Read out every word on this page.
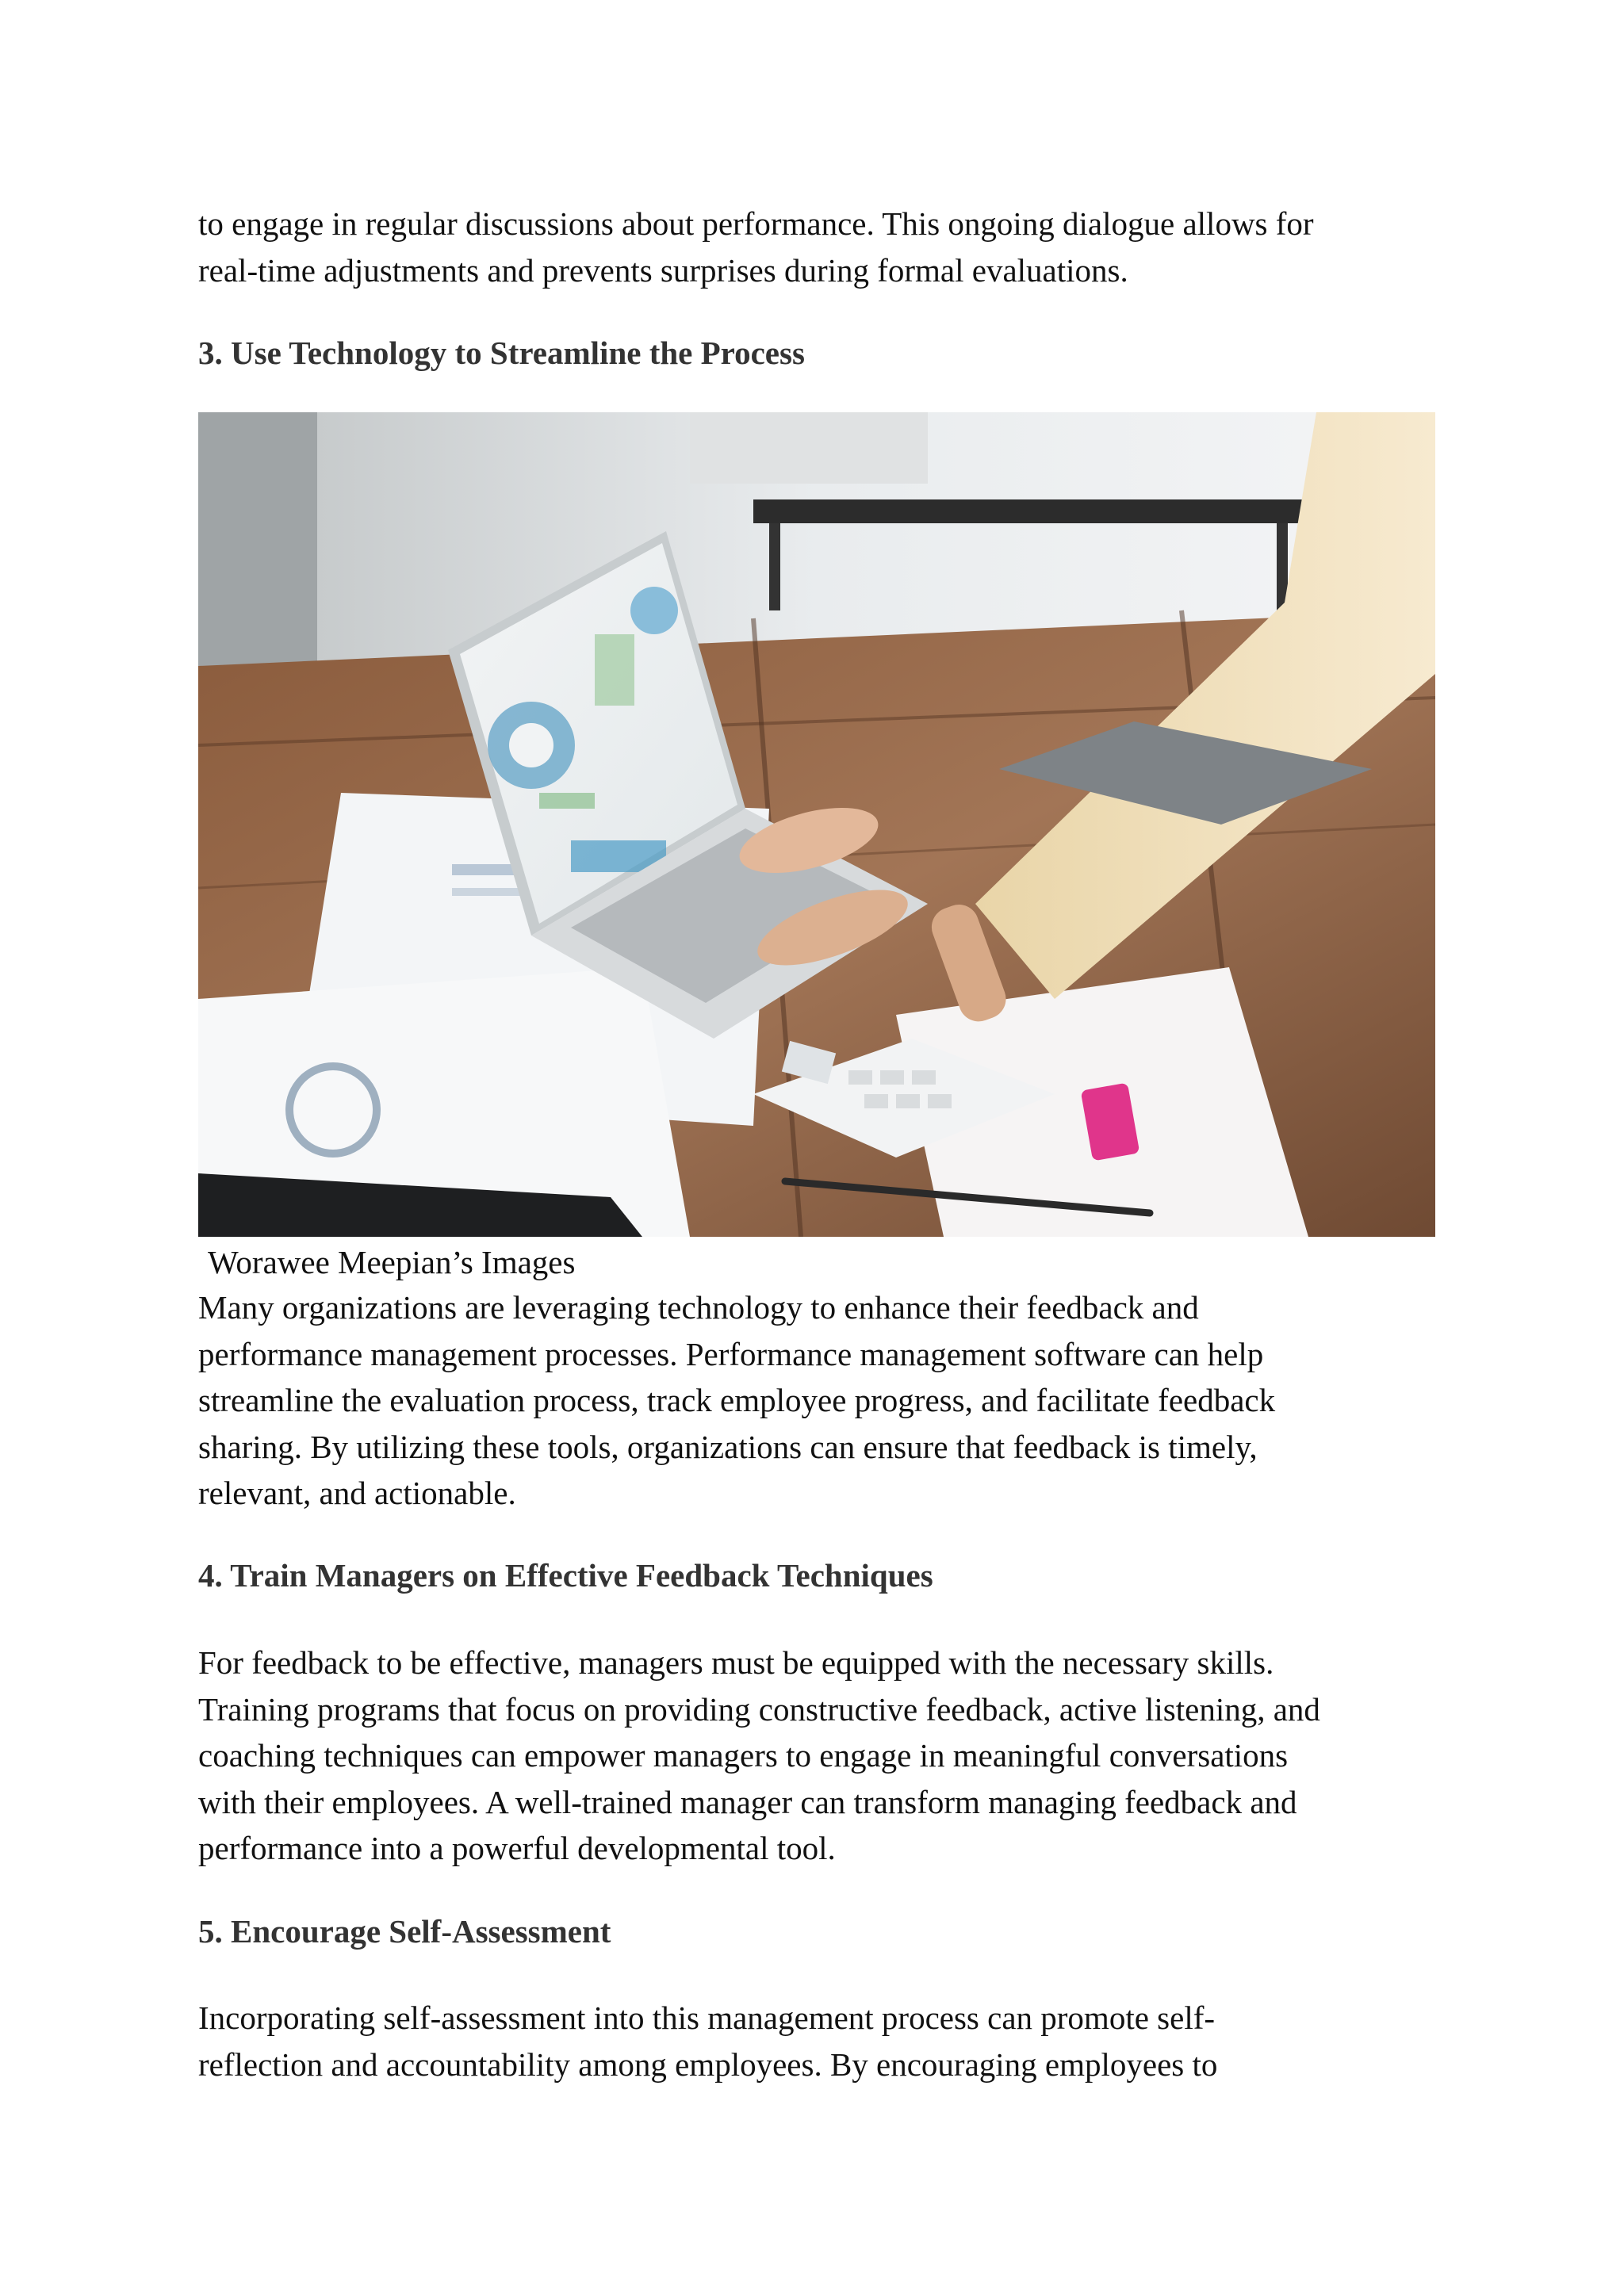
to engage in regular discussions about performance. This ongoing dialogue allows for
real-time adjustments and prevents surprises during formal evaluations.

3. Use Technology to Streamline the Process

Worawee Meepian’s Images

Many organizations are leveraging technology to enhance their feedback and
performance management processes. Performance management software can help
streamline the evaluation process, track employee progress, and facilitate feedback
sharing. By utilizing these tools, organizations can ensure that feedback is timely,
relevant, and actionable.

4. Train Managers on Effective Feedback Techniques

For feedback to be effective, managers must be equipped with the necessary skills.
Training programs that focus on providing constructive feedback, active listening, and
coaching techniques can empower managers to engage in meaningful conversations
with their employees. A well-trained manager can transform managing feedback and
performance into a powerful developmental tool.

5. Encourage Self-Assessment

Incorporating self-assessment into this management process can promote self-
reflection and accountability among employees. By encouraging employees to
